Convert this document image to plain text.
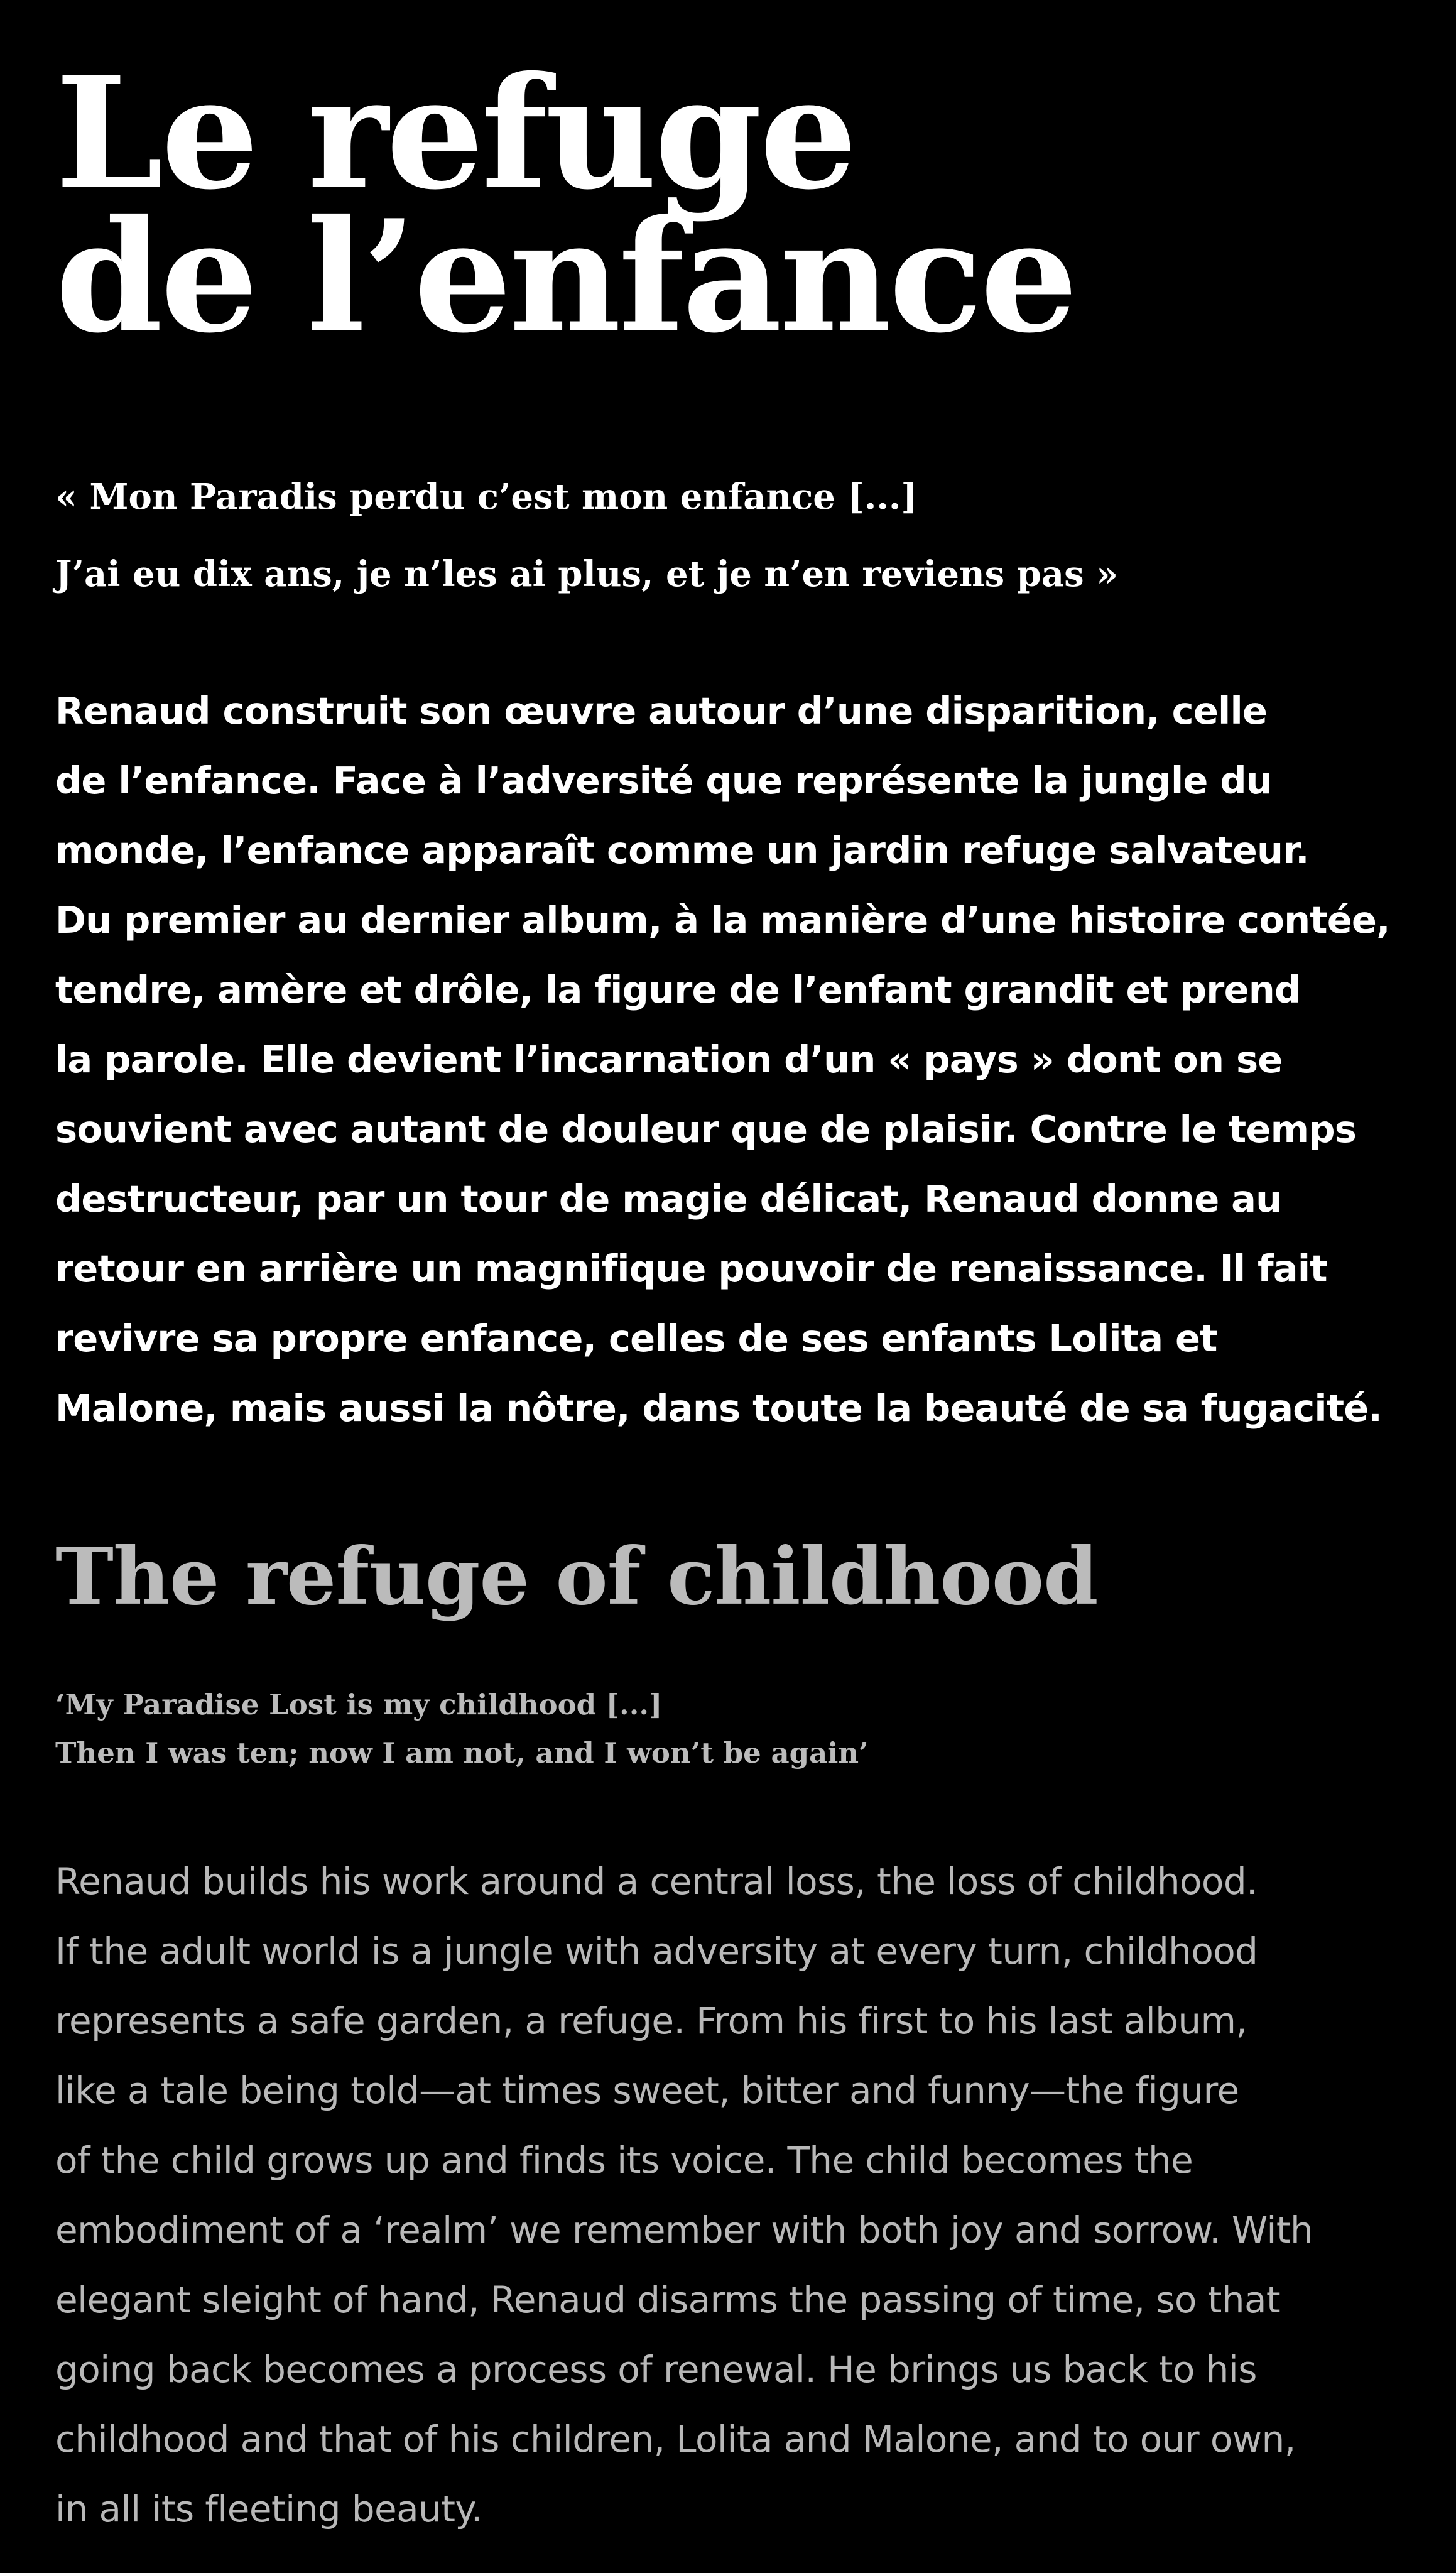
Le refuge
de l’enfance
« Mon Paradis perdu c’est mon enfance [...]
J’ai eu dix ans, je n’les ai plus, et je n’en reviens pas »
Renaud construit son œuvre autour d’une disparition, celle
de l’enfance. Face à l’adversité que représente la jungle du
monde, l’enfance apparaît comme un jardin refuge salvateur.
Du premier au dernier album, à la manière d’une histoire contée,
tendre, amère et drôle, la figure de l’enfant grandit et prend
la parole. Elle devient l’incarnation d’un « pays » dont on se
souvient avec autant de douleur que de plaisir. Contre le temps
destructeur, par un tour de magie délicat, Renaud donne au
retour en arrière un magnifique pouvoir de renaissance. Il fait
revivre sa propre enfance, celles de ses enfants Lolita et
Malone, mais aussi la nôtre, dans toute la beauté de sa fugacité.
The refuge of childhood
‘My Paradise Lost is my childhood [...]
Then I was ten; now I am not, and I won’t be again’
Renaud builds his work around a central loss, the loss of childhood.
If the adult world is a jungle with adversity at every turn, childhood
represents a safe garden, a refuge. From his first to his last album,
like a tale being told—at times sweet, bitter and funny—the figure
of the child grows up and finds its voice. The child becomes the
embodiment of a ‘realm’ we remember with both joy and sorrow. With
elegant sleight of hand, Renaud disarms the passing of time, so that
going back becomes a process of renewal. He brings us back to his
childhood and that of his children, Lolita and Malone, and to our own,
in all its fleeting beauty.
